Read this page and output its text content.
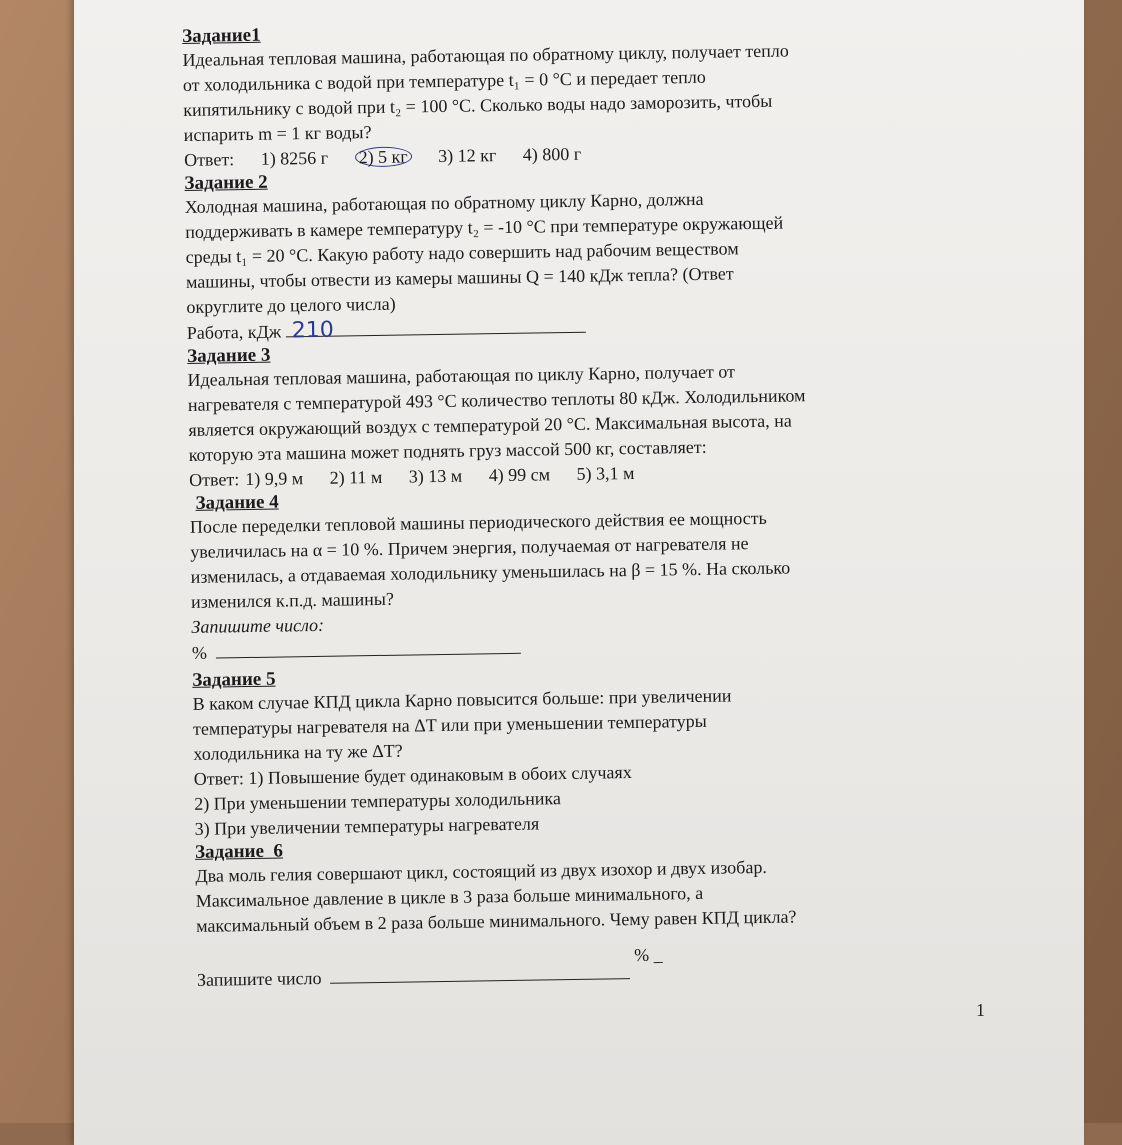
Задание1
Идеальная тепловая машина, работающая по обратному циклу, получает тепло
от холодильника с водой при температуре t₁ = 0 °C и передает тепло
кипятильнику с водой при t₂ = 100 °C. Сколько воды надо заморозить, чтобы
испарить m = 1 кг воды?
Ответ: 1) 8256 г 2) 5 кг 3) 12 кг 4) 800 г
Задание 2
Холодная машина, работающая по обратному циклу Карно, должна
поддерживать в камере температуру t₂ = -10 °C при температуре окружающей
среды t₁ = 20 °C. Какую работу надо совершить над рабочим веществом
машины, чтобы отвести из камеры машины Q = 140 кДж тепла? (Ответ
округлите до целого числа)
Работа, кДж 210
Задание 3
Идеальная тепловая машина, работающая по циклу Карно, получает от
нагревателя с температурой 493 °C количество теплоты 80 кДж. Холодильником
является окружающий воздух с температурой 20 °C. Максимальная высота, на
которую эта машина может поднять груз массой 500 кг, составляет:
Ответ: 1) 9,9 м 2) 11 м 3) 13 м 4) 99 см 5) 3,1 м
Задание 4
После переделки тепловой машины периодического действия ее мощность
увеличилась на α = 10 %. Причем энергия, получаемая от нагревателя не
изменилась, а отдаваемая холодильнику уменьшилась на β = 15 %. На сколько
изменился к.п.д. машины?
Запишите число:
%
Задание 5
В каком случае КПД цикла Карно повысится больше: при увеличении
температуры нагревателя на ΔT или при уменьшении температуры
холодильника на ту же ΔT?
Ответ: 1) Повышение будет одинаковым в обоих случаях
2) При уменьшении температуры холодильника
3) При увеличении температуры нагревателя
Задание  6
Два моль гелия совершают цикл, состоящий из двух изохор и двух изобар.
Максимальное давление в цикле в 3 раза больше минимального, а
максимальный объем в 2 раза больше минимального. Чему равен КПД цикла?
Запишите число  % _
1
